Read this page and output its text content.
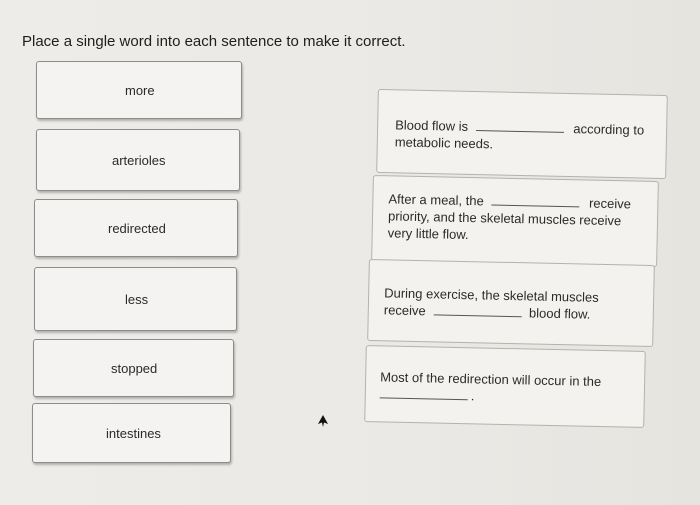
Place a single word into each sentence to make it correct.
more
arterioles
redirected
less
stopped
intestines
Blood flow is	according to
metabolic needs.
After a meal, the	receive
priority, and the skeletal muscles receive
very little flow.
During exercise, the skeletal muscles
receive	blood flow.
Most of the redirection will occur in the
.
